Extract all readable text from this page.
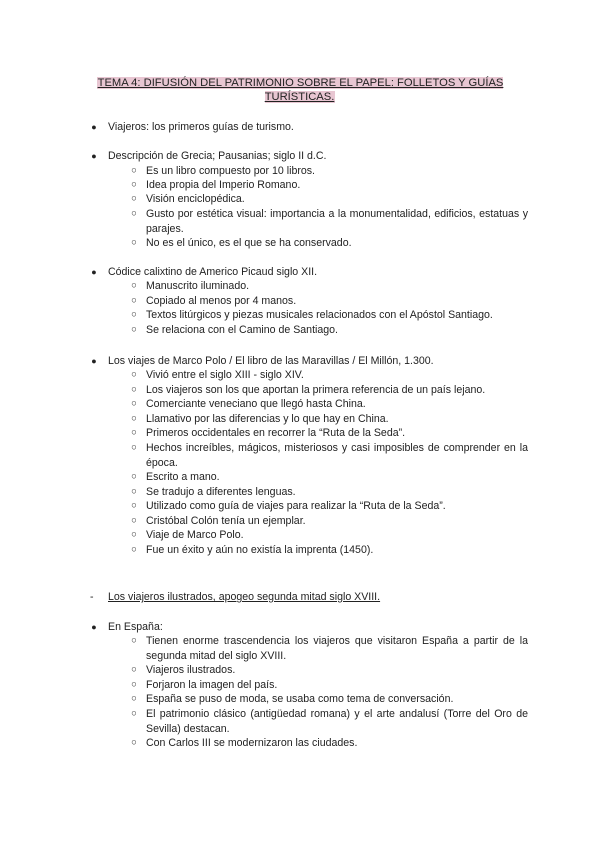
TEMA 4: DIFUSIÓN DEL PATRIMONIO SOBRE EL PAPEL: FOLLETOS Y GUÍAS TURÍSTICAS.
●	Viajeros: los primeros guías de turismo.
●	Descripción de Grecia; Pausanias; siglo II d.C.
○ Es un libro compuesto por 10 libros.
○ Idea propia del Imperio Romano.
○ Visión enciclopédica.
○ Gusto por estética visual: importancia a la monumentalidad, edificios, estatuas y parajes.
○ No es el único, es el que se ha conservado.
●	Códice calixtino de Americo Picaud siglo XII.
○ Manuscrito iluminado.
○ Copiado al menos por 4 manos.
○ Textos litúrgicos y piezas musicales relacionados con el Apóstol Santiago.
○ Se relaciona con el Camino de Santiago.
●	Los viajes de Marco Polo / El libro de las Maravillas / El Millón, 1.300.
○ Vivió entre el siglo XIII - siglo XIV.
○ Los viajeros son los que aportan la primera referencia de un país lejano.
○ Comerciante veneciano que llegó hasta China.
○ Llamativo por las diferencias y lo que hay en China.
○ Primeros occidentales en recorrer la “Ruta de la Seda”.
○ Hechos increíbles, mágicos, misteriosos y casi imposibles de comprender en la época.
○ Escrito a mano.
○ Se tradujo a diferentes lenguas.
○ Utilizado como guía de viajes para realizar la “Ruta de la Seda”.
○ Cristóbal Colón tenía un ejemplar.
○ Viaje de Marco Polo.
○ Fue un éxito y aún no existía la imprenta (1450).
- Los viajeros ilustrados, apogeo segunda mitad siglo XVIII.
●	En España:
○ Tienen enorme trascendencia los viajeros que visitaron España a partir de la segunda mitad del siglo XVIII.
○ Viajeros ilustrados.
○ Forjaron la imagen del país.
○ España se puso de moda, se usaba como tema de conversación.
○ El patrimonio clásico (antigüedad romana) y el arte andalusí (Torre del Oro de Sevilla) destacan.
○ Con Carlos III se modernizaron las ciudades.
